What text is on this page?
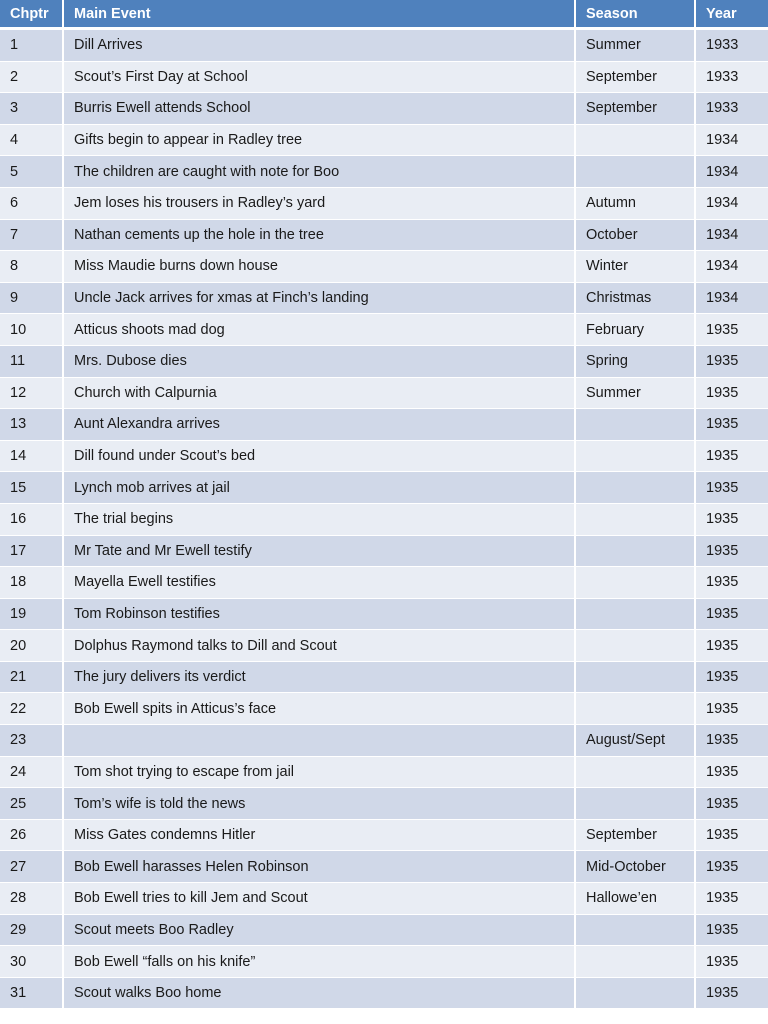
Chptr	Main Event	Season	Year
1	Dill Arrives	Summer	1933
2	Scout’s First Day at School	September	1933
3	Burris Ewell attends School	September	1933
4	Gifts begin to appear in Radley tree		1934
5	The children are caught with note for Boo		1934
6	Jem loses his trousers in Radley’s yard	Autumn	1934
7	Nathan cements up the hole in the tree	October	1934
8	Miss Maudie burns down house	Winter	1934
9	Uncle Jack arrives for xmas at Finch’s landing	Christmas	1934
10	Atticus shoots mad dog	February	1935
11	Mrs. Dubose dies	Spring	1935
12	Church with Calpurnia	Summer	1935
13	Aunt Alexandra arrives		1935
14	Dill found under Scout’s bed		1935
15	Lynch mob arrives at jail		1935
16	The trial begins		1935
17	Mr Tate and Mr Ewell testify		1935
18	Mayella Ewell testifies		1935
19	Tom Robinson testifies		1935
20	Dolphus Raymond talks to Dill and Scout		1935
21	The jury delivers its verdict		1935
22	Bob Ewell spits in Atticus’s face		1935
23		August/Sept	1935
24	Tom shot trying to escape from jail		1935
25	Tom’s wife is told the news		1935
26	Miss Gates condemns Hitler	September	1935
27	Bob Ewell harasses Helen Robinson	Mid-October	1935
28	Bob Ewell tries to kill Jem and Scout	Hallowe’en	1935
29	Scout meets Boo Radley		1935
30	Bob Ewell “falls on his knife”		1935
31	Scout walks Boo home		1935
